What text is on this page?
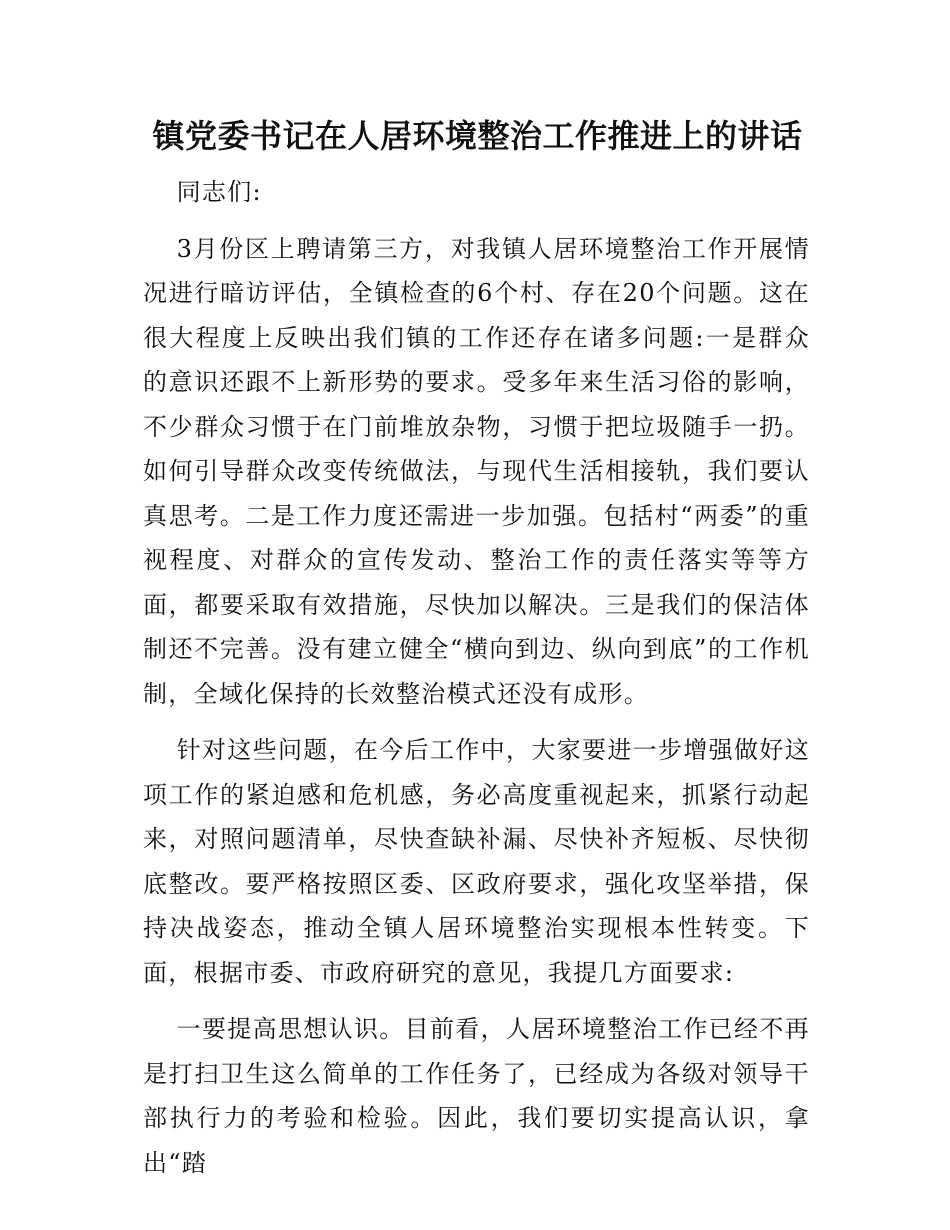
镇党委书记在人居环境整治工作推进上的讲话

同志们:

3月份区上聘请第三方，对我镇人居环境整治工作开展情况进行暗访评估，全镇检查的6个村、存在20个问题。这在很大程度上反映出我们镇的工作还存在诸多问题:一是群众的意识还跟不上新形势的要求。受多年来生活习俗的影响，不少群众习惯于在门前堆放杂物，习惯于把垃圾随手一扔。如何引导群众改变传统做法，与现代生活相接轨，我们要认真思考。二是工作力度还需进一步加强。包括村“两委”的重视程度、对群众的宣传发动、整治工作的责任落实等等方面，都要采取有效措施，尽快加以解决。三是我们的保洁体制还不完善。没有建立健全“横向到边、纵向到底”的工作机制，全域化保持的长效整治模式还没有成形。

针对这些问题，在今后工作中，大家要进一步增强做好这项工作的紧迫感和危机感，务必高度重视起来，抓紧行动起来，对照问题清单，尽快查缺补漏、尽快补齐短板、尽快彻底整改。要严格按照区委、区政府要求，强化攻坚举措，保持决战姿态，推动全镇人居环境整治实现根本性转变。下面，根据市委、市政府研究的意见，我提几方面要求:

一要提高思想认识。目前看，人居环境整治工作已经不再是打扫卫生这么简单的工作任务了，已经成为各级对领导干部执行力的考验和检验。因此，我们要切实提高认识，拿出“踏
